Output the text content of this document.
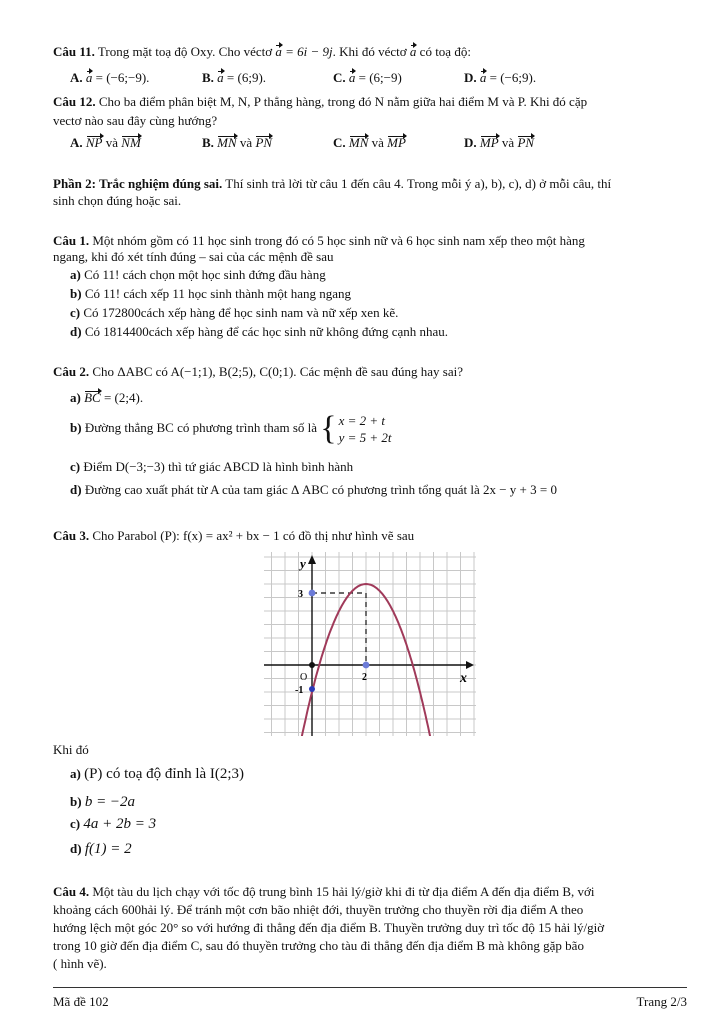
Câu 11. Trong mặt toạ độ Oxy. Cho véctơ a = 6i − 9j. Khi đó véctơ a có toạ độ:
A. a = (−6;−9).	B. a = (6;9).	C. a = (6;−9)	D. a = (−6;9).
Câu 12. Cho ba điểm phân biệt M, N, P thẳng hàng, trong đó N nằm giữa hai điểm M và P. Khi đó cặp
vectơ nào sau đây cùng hướng?
A. NP và NM	B. MN và PN	C. MN và MP	D. MP và PN
Phần 2: Trắc nghiệm đúng sai. Thí sinh trả lời từ câu 1 đến câu 4. Trong mỗi ý a), b), c), d) ở mỗi câu, thí
sinh chọn đúng hoặc sai.
Câu 1. Một nhóm gồm có 11 học sinh trong đó có 5 học sinh nữ và 6 học sinh nam xếp theo một hàng
ngang, khi đó xét tính đúng – sai của các mệnh đề sau
a) Có 11! cách chọn một học sinh đứng đầu hàng
b) Có 11! cách xếp 11 học sinh thành một hang ngang
c) Có 172800cách xếp hàng để học sinh nam và nữ xếp xen kẽ.
d) Có 1814400cách xếp hàng để các học sinh nữ không đứng cạnh nhau.
Câu 2. Cho ΔABC có A(−1;1), B(2;5), C(0;1). Các mệnh đề sau đúng hay sai?
a) BC = (2;4).
b) Đường thẳng BC có phương trình tham số là { x = 2 + t
y = 5 + 2t
c) Điểm D(−3;−3) thì tứ giác ABCD là hình bình hành
d) Đường cao xuất phát từ A của tam giác Δ ABC có phương trình tổng quát là 2x − y + 3 = 0
Câu 3. Cho Parabol (P): f(x) = ax² + bx − 1 có đồ thị như hình vẽ sau
y
x
O	2
3
-1
Khi đó
a) (P) có toạ độ đỉnh là I(2;3)
b) b = −2a
c) 4a + 2b = 3
d) f(1) = 2
Câu 4. Một tàu du lịch chạy với tốc độ trung bình 15 hải lý/giờ khi đi từ địa điểm A đến địa điểm B, với
khoảng cách 600hải lý. Để tránh một cơn bão nhiệt đới, thuyền trưởng cho thuyền rời địa điểm A theo
hướng lệch một góc 20° so với hướng đi thẳng đến địa điểm B. Thuyền trưởng duy trì tốc độ 15 hải lý/giờ
trong 10 giờ đến địa điểm C, sau đó thuyền trưởng cho tàu đi thẳng đến địa điểm B mà không gặp bão
( hình vẽ).
Mã đề 102	Trang 2/3
